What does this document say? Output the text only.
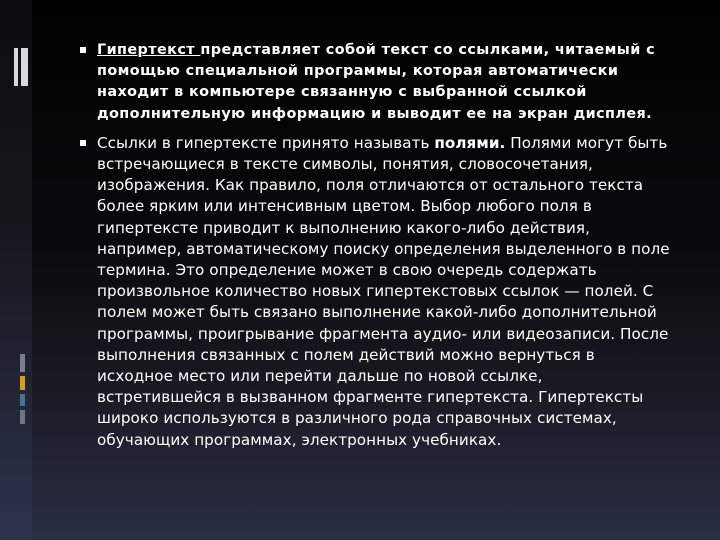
Гипертекст представляет собой текст со ссылками, читаемый с помощью специальной программы, которая автоматически находит в компьютере связанную с выбранной ссылкой дополнительную информацию и выводит ее на экран дисплея.
Ссылки в гипертексте принято называть полями. Полями могут быть встречающиеся в тексте символы, понятия, словосочетания, изображения. Как правило, поля отличаются от остального текста более ярким или интенсивным цветом. Выбор любого поля в гипертексте приводит к выполнению какого-либо действия, например, автоматическому поиску определения выделенного в поле термина. Это определение может в свою очередь содержать произвольное количество новых гипертекстовых ссылок — полей. С полем может быть связано выполнение какой-либо дополнительной программы, проигрывание фрагмента аудио- или видеозаписи. После выполнения связанных с полем действий можно вернуться в исходное место или перейти дальше по новой ссылке, встретившейся в вызванном фрагменте гипертекста. Гипертексты широко используются в различного рода справочных системах, обучающих программах, электронных учебниках.
